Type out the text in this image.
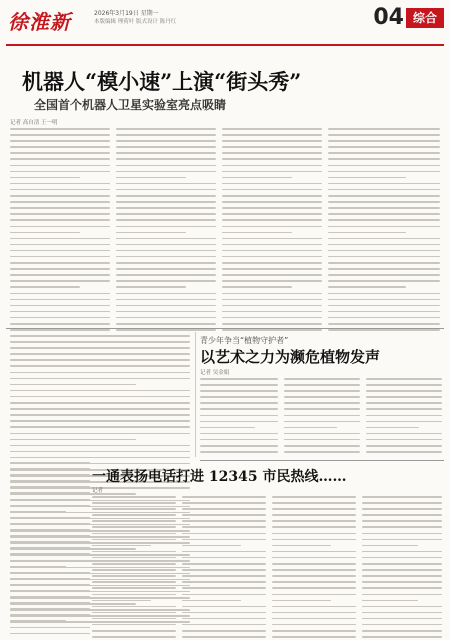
徐淮新	2026年3月19日 星期一
本版编辑 理荷叶 版式设计 陈丹红	04 综合
机器人“模小速”上演“街头秀”
全国首个机器人卫星实验室亮点吸睛
记者 高自清 王一明
青少年争当“植物守护者”
以艺术之力为濒危植物发声
记者 吴金娟
一通表扬电话打进 12345 市民热线……
记者
